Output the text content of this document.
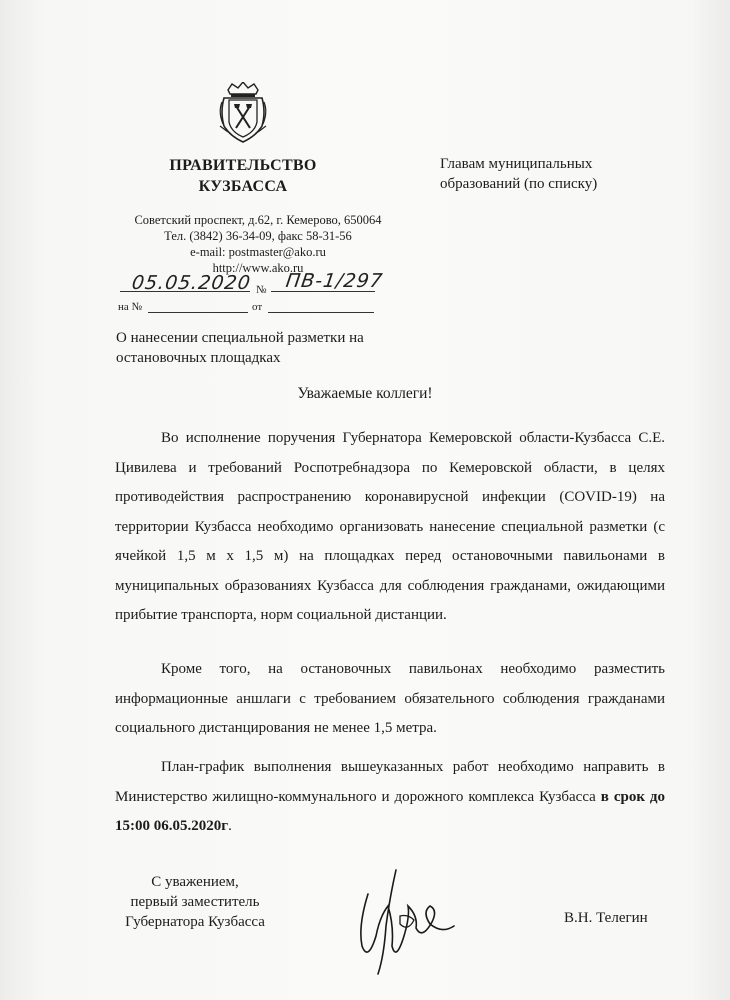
ПРАВИТЕЛЬСТВО
КУЗБАССА
Советский проспект, д.62, г. Кемерово, 650064
Тел. (3842) 36-34-09, факс 58-31-56
e-mail: postmaster@ako.ru
http://www.ako.ru
Главам муниципальных
образований (по списку)
05.05.2020 № ПВ-1/297
на №	от
О нанесении специальной разметки на
остановочных площадках
Уважаемые коллеги!
Во исполнение поручения Губернатора Кемеровской области-Кузбасса С.Е. Цивилева и требований Роспотребнадзора по Кемеровской области, в целях противодействия распространению коронавирусной инфекции (COVID-19) на территории Кузбасса необходимо организовать нанесение специальной разметки (с ячейкой 1,5 м х 1,5 м) на площадках перед остановочными павильонами в муниципальных образованиях Кузбасса для соблюдения гражданами, ожидающими прибытие транспорта, норм социальной дистанции.
Кроме того, на остановочных павильонах необходимо разместить информационные аншлаги с требованием обязательного соблюдения гражданами социального дистанцирования не менее 1,5 метра.
План-график выполнения вышеуказанных работ необходимо направить в Министерство жилищно-коммунального и дорожного комплекса Кузбасса в срок до 15:00 06.05.2020г.
С уважением,
первый заместитель
Губернатора Кузбасса	В.Н. Телегин
